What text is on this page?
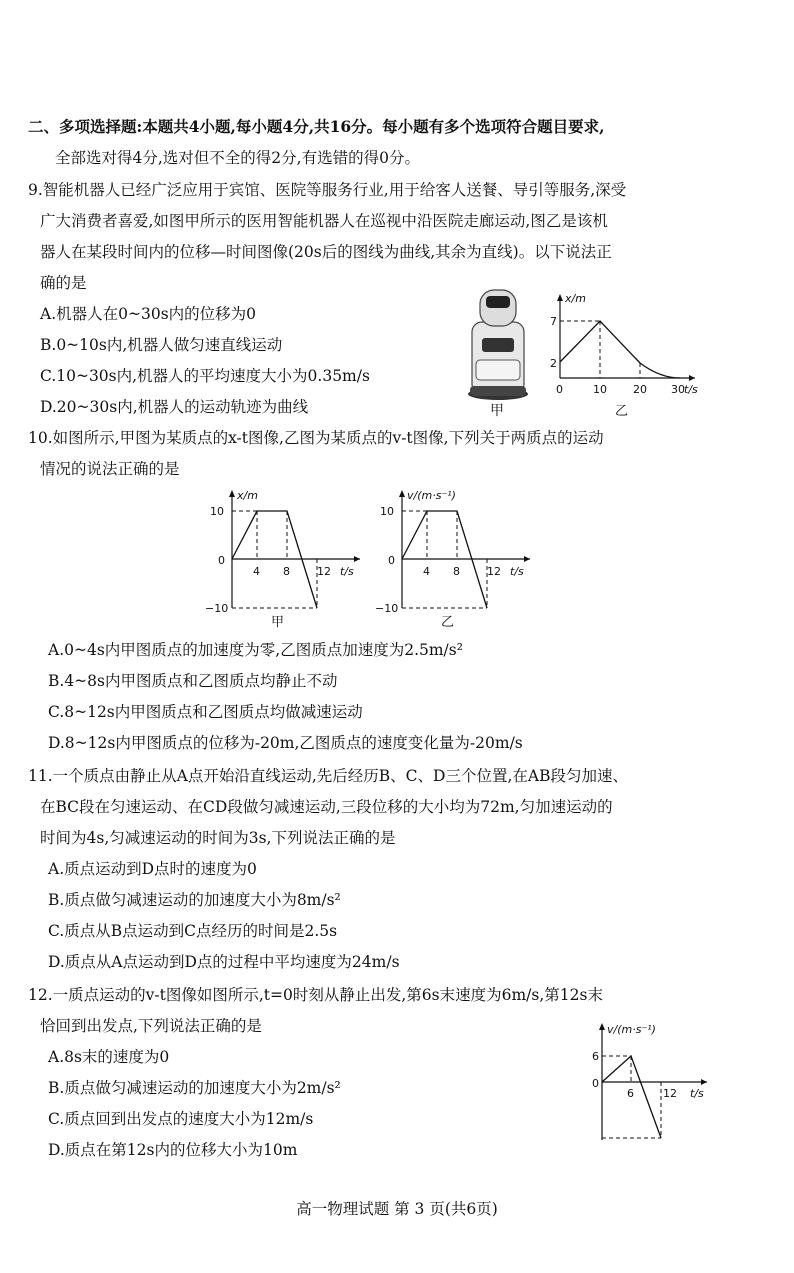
二、多项选择题:本题共4小题,每小题4分,共16分。每小题有多个选项符合题目要求,
全部选对得4分,选对但不全的得2分,有选错的得0分。
9.智能机器人已经广泛应用于宾馆、医院等服务行业,用于给客人送餐、导引等服务,深受
广大消费者喜爱,如图甲所示的医用智能机器人在巡视中沿医院走廊运动,图乙是该机
器人在某段时间内的位移—时间图像(20s后的图线为曲线,其余为直线)。以下说法正
确的是
A.机器人在0~30s内的位移为0
B.0~10s内,机器人做匀速直线运动
C.10~30s内,机器人的平均速度大小为0.35m/s
D.20~30s内,机器人的运动轨迹为曲线	甲
x/m
7
2
0	10 20 30 t/s
乙
10.如图所示,甲图为某质点的x-t图像,乙图为某质点的v-t图像,下列关于两质点的运动
情况的说法正确的是
x/m
10
0
−10
4 8 12 t/s
甲
v/(m·s⁻¹)
10
0
−10
4 8 12 t/s
乙
A.0~4s内甲图质点的加速度为零,乙图质点加速度为2.5m/s²
B.4~8s内甲图质点和乙图质点均静止不动
C.8~12s内甲图质点和乙图质点均做减速运动
D.8~12s内甲图质点的位移为-20m,乙图质点的速度变化量为-20m/s
11.一个质点由静止从A点开始沿直线运动,先后经历B、C、D三个位置,在AB段匀加速、
在BC段在匀速运动、在CD段做匀减速运动,三段位移的大小均为72m,匀加速运动的
时间为4s,匀减速运动的时间为3s,下列说法正确的是
A.质点运动到D点时的速度为0
B.质点做匀减速运动的加速度大小为8m/s²
C.质点从B点运动到C点经历的时间是2.5s
D.质点从A点运动到D点的过程中平均速度为24m/s
12.一质点运动的v-t图像如图所示,t=0时刻从静止出发,第6s末速度为6m/s,第12s末
恰回到出发点,下列说法正确的是
A.8s末的速度为0
B.质点做匀减速运动的加速度大小为2m/s²
C.质点回到出发点的速度大小为12m/s
D.质点在第12s内的位移大小为10m
v/(m·s⁻¹)
6
0
6	12 t/s
高一物理试题 第 3 页(共6页)
